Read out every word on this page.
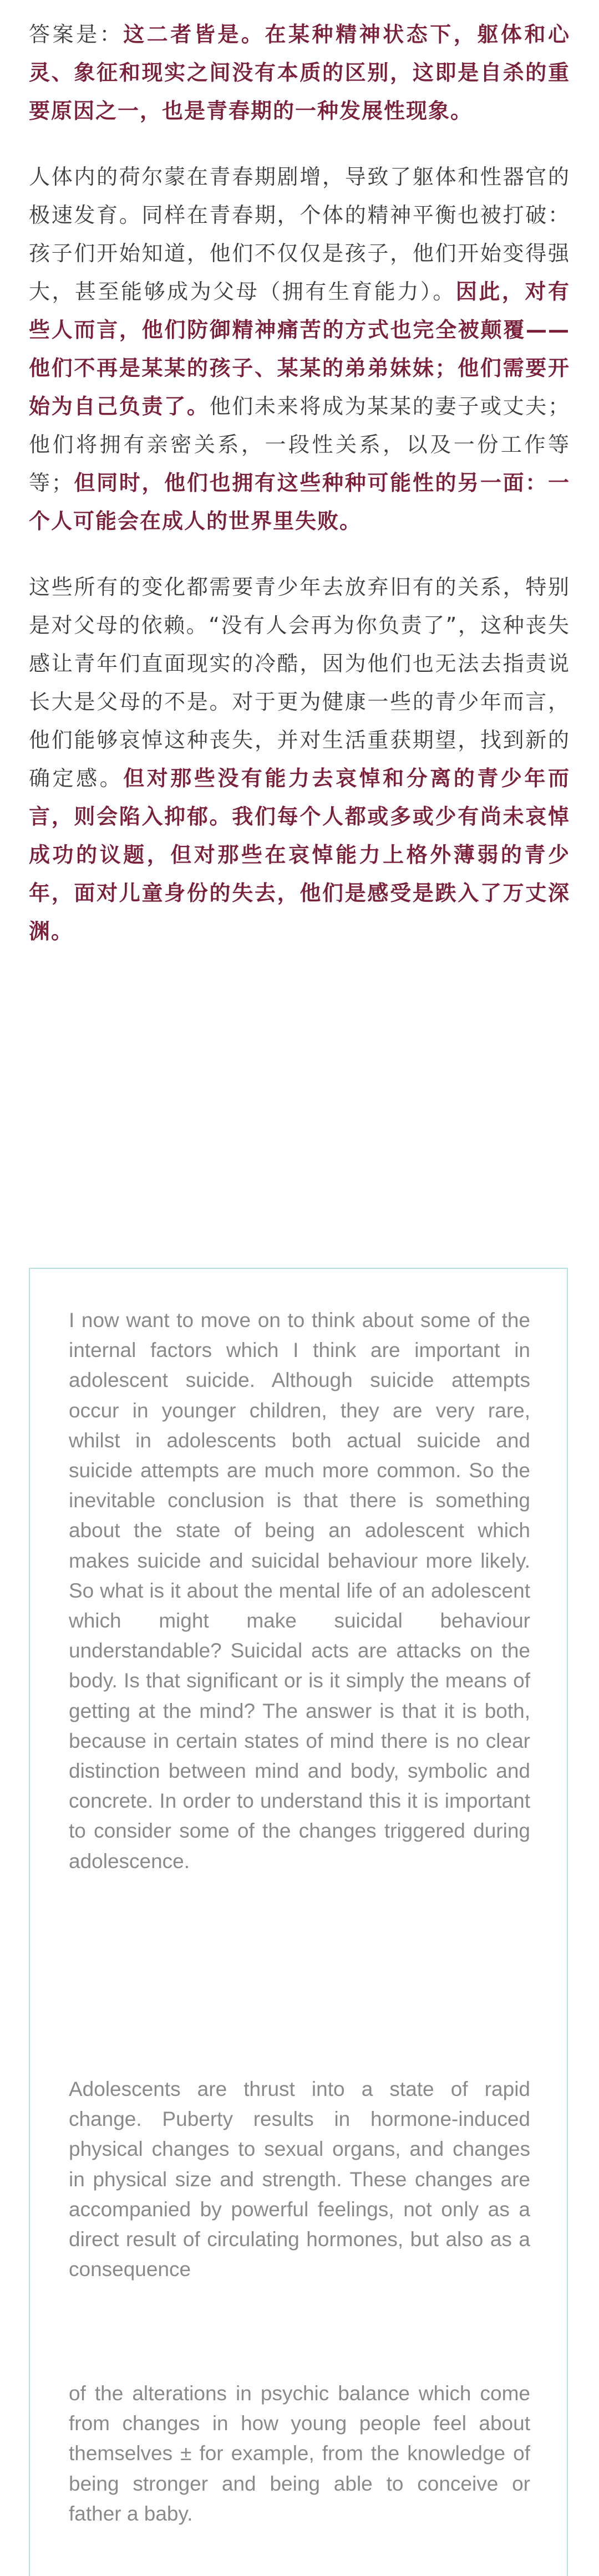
答案是：这二者皆是。在某种精神状态下，躯体和心灵、象征和现实之间没有本质的区别，这即是自杀的重要原因之一，也是青春期的一种发展性现象。

人体内的荷尔蒙在青春期剧增，导致了躯体和性器官的极速发育。同样在青春期，个体的精神平衡也被打破：孩子们开始知道，他们不仅仅是孩子，他们开始变得强大，甚至能够成为父母（拥有生育能力）。因此，对有些人而言，他们防御精神痛苦的方式也完全被颠覆——他们不再是某某的孩子、某某的弟弟妹妹；他们需要开始为自己负责了。他们未来将成为某某的妻子或丈夫；他们将拥有亲密关系，一段性关系，以及一份工作等等；但同时，他们也拥有这些种种可能性的另一面：一个人可能会在成人的世界里失败。

这些所有的变化都需要青少年去放弃旧有的关系，特别是对父母的依赖。“没有人会再为你负责了”，这种丧失感让青年们直面现实的冷酷，因为他们也无法去指责说长大是父母的不是。对于更为健康一些的青少年而言，他们能够哀悼这种丧失，并对生活重获期望，找到新的确定感。但对那些没有能力去哀悼和分离的青少年而言，则会陷入抑郁。我们每个人都或多或少有尚未哀悼成功的议题，但对那些在哀悼能力上格外薄弱的青少年，面对儿童身份的失去，他们是感受是跌入了万丈深渊。

I now want to move on to think about some of the internal factors which I think are important in adolescent suicide. Although suicide attempts occur in younger children, they are very rare, whilst in adolescents both actual suicide and suicide attempts are much more common. So the inevitable conclusion is that there is something about the state of being an adolescent which makes suicide and suicidal behaviour more likely. So what is it about the mental life of an adolescent which might make suicidal behaviour understandable? Suicidal acts are attacks on the body. Is that significant or is it simply the means of getting at the mind? The answer is that it is both, because in certain states of mind there is no clear distinction between mind and body, symbolic and concrete. In order to understand this it is important to consider some of the changes triggered during adolescence.

Adolescents are thrust into a state of rapid change. Puberty results in hormone-induced physical changes to sexual organs, and changes in physical size and strength. These changes are accompanied by powerful feelings, not only as a direct result of circulating hormones, but also as a consequence

of the alterations in psychic balance which come from changes in how young people feel about themselves ± for example, from the knowledge of being stronger and being able to conceive or father a baby.
